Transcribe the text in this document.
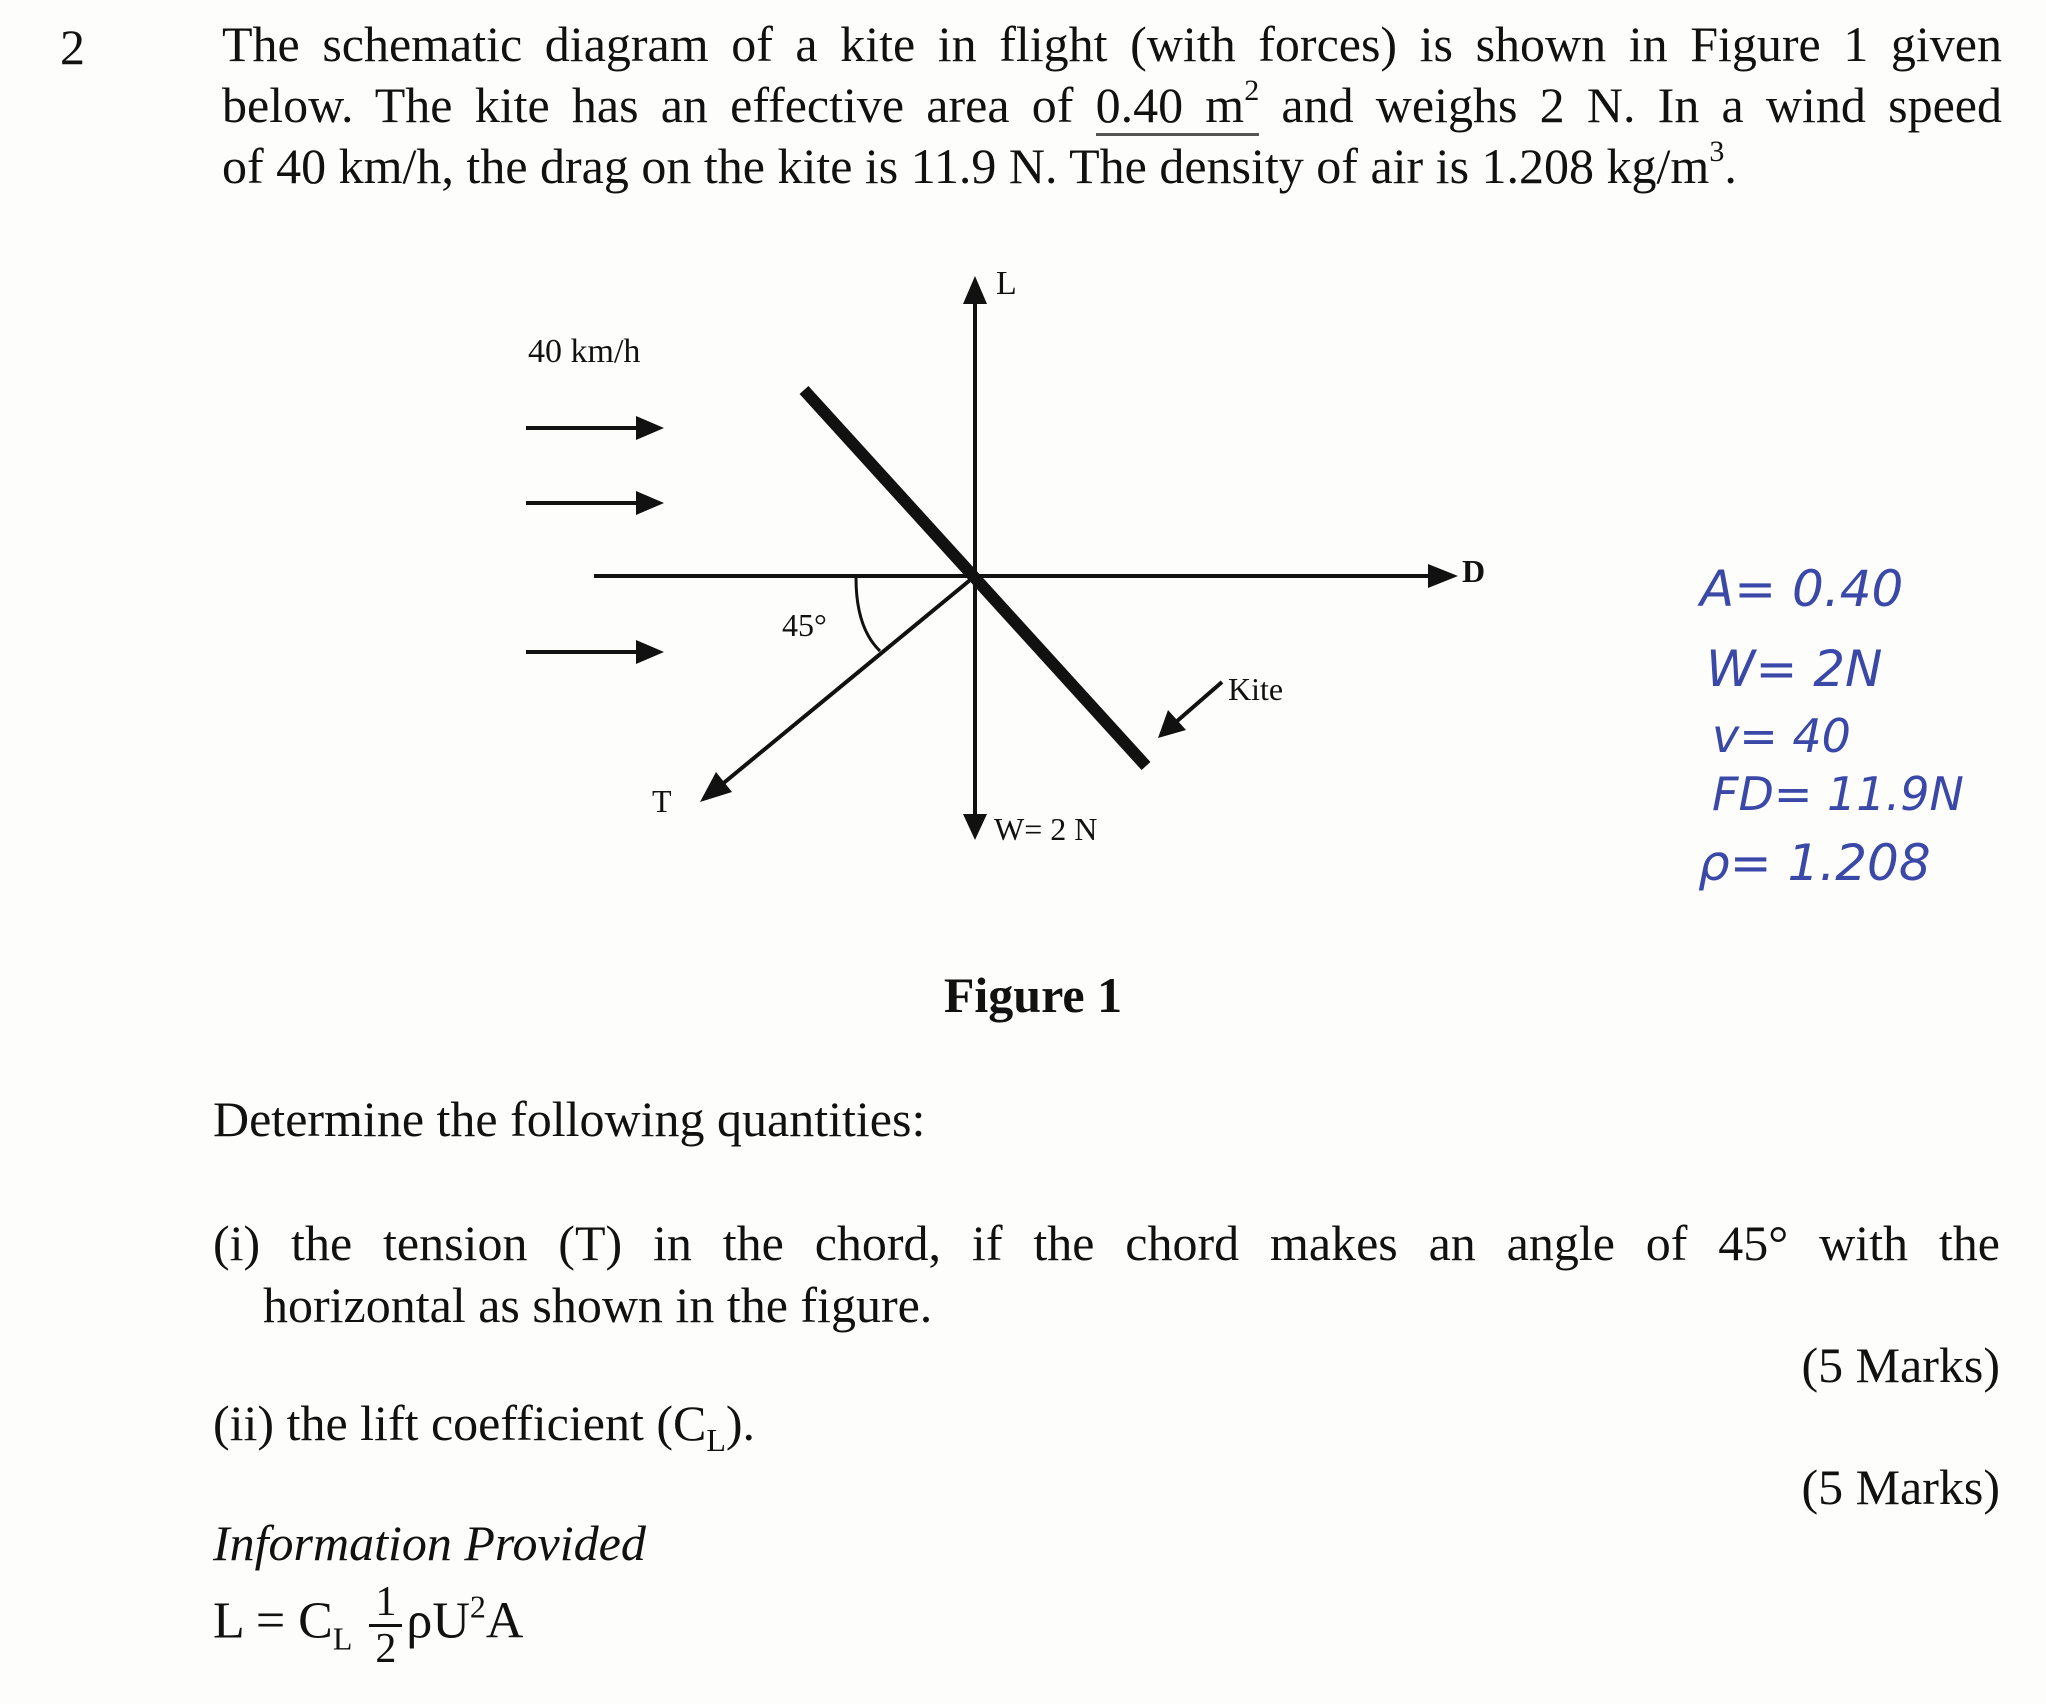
2	The schematic diagram of a kite in flight (with forces) is shown in Figure 1 given
below. The kite has an effective area of 0.40 $m^2$ and weighs 2 N. In a wind speed
of 40 km/h, the drag on the kite is 11.9 N. The density of air is 1.208 $kg/m^3$.
40 km/h
D
L
W= 2 N
T
45°
Kite
A= 0.40
W= 2N
v= 40
FD= 11.9N
ρ= 1.208
Figure 1
Determine the following quantities:
(i) the tension (T) in the chord, if the chord makes an angle of 45° with the
horizontal as shown in the figure.
(5 Marks)
(ii) the lift coefficient $(C_L)$.
(5 Marks)
Information Provided
$L = C_L \frac{1}{2} \rho U^2A$
